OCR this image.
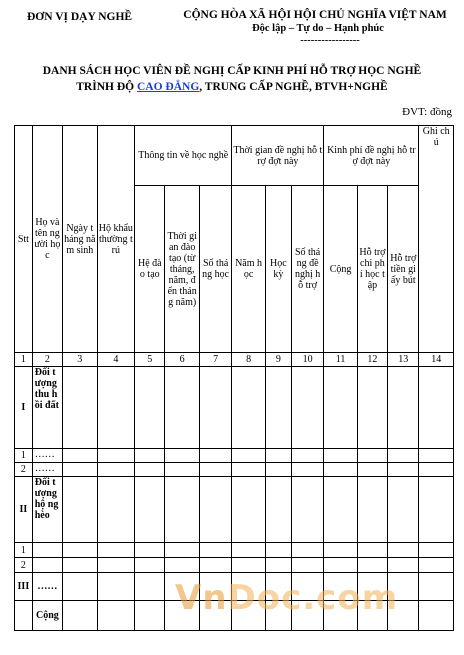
ĐƠN VỊ DẠY NGHỀ	CỘNG HÒA XÃ HỘI HỘI CHỦ NGHĨA VIỆT NAM
Độc lập – Tự do – Hạnh phúc
-----------------
DANH SÁCH HỌC VIÊN ĐỀ NGHỊ CẤP KINH PHÍ HỖ TRỢ HỌC NGHỀ
TRÌNH ĐỘ CAO ĐẲNG, TRUNG CẤP NGHỀ, BTVH+NGHỀ
ĐVT: đồng
Stt	Họ và tên người học	Ngày tháng năm sinh	Hộ khẩu thường trú	Thông tin về học nghề			Thời gian đề nghị hỗ trợ đợt này			Kinh phí đề nghị hỗ trợ đợt này			Ghi chú
				Hệ đào tạo	Thời gian đào tạo (từ tháng, năm, đến tháng năm)	Số tháng học	Năm học	Học kỳ	Số tháng đề nghị hỗ trợ	Cộng	Hỗ trợ chi phí học tập	Hỗ trợ tiền giấy bút	
1	2	3	4	5	6	7	8	9	10	11	12	13	14
I	Đối tượng thu hồi đất												
1	……												
2	……												
II	Đối tượng hộ nghèo												
1													
2													
III	……												
	Cộng													VnDoc.com
